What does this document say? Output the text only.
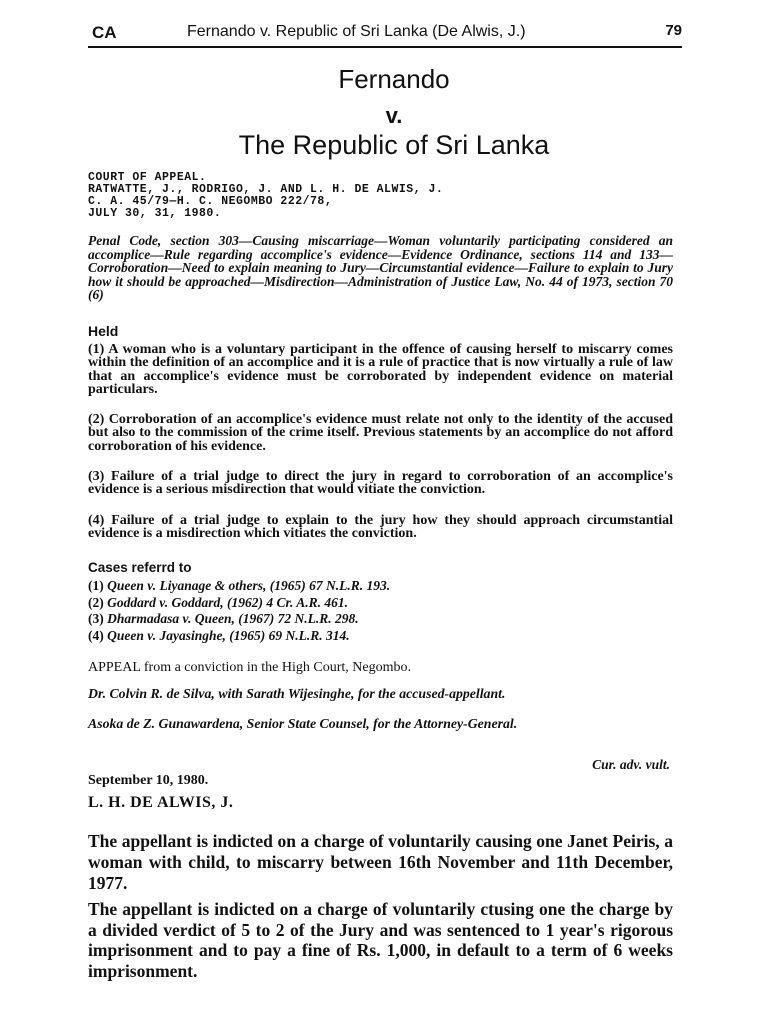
CA	Fernando v. Republic of Sri Lanka (De Alwis, J.)	79
Fernando
v.
The Republic of Sri Lanka
COURT OF APPEAL.
RATWATTE, J., RODRIGO, J. AND L. H. DE ALWIS, J.
C. A. 45/79—H. C. NEGOMBO 222/78,
JULY 30, 31, 1980.
Penal Code, section 303—Causing miscarriage—Woman voluntarily participating considered an accomplice—Rule regarding accomplice's evidence—Evidence Ordinance, sections 114 and 133—Corroboration—Need to explain meaning to Jury—Circumstantial evidence—Failure to explain to Jury how it should be approached—Misdirection—Administration of Justice Law, No. 44 of 1973, section 70 (6)
Held
(1) A woman who is a voluntary participant in the offence of causing herself to miscarry comes within the definition of an accomplice and it is a rule of practice that is now virtually a rule of law that an accomplice's evidence must be corroborated by independent evidence on material particulars.
(2) Corroboration of an accomplice's evidence must relate not only to the identity of the accused but also to the commission of the crime itself. Previous statements by an accomplice do not afford corroboration of his evidence.
(3) Failure of a trial judge to direct the jury in regard to corroboration of an accomplice's evidence is a serious misdirection that would vitiate the conviction.
(4) Failure of a trial judge to explain to the jury how they should approach circumstantial evidence is a misdirection which vitiates the conviction.
Cases referrd to
(1) Queen v. Liyanage & others, (1965) 67 N.L.R. 193.
(2) Goddard v. Goddard, (1962) 4 Cr. A.R. 461.
(3) Dharmadasa v. Queen, (1967) 72 N.L.R. 298.
(4) Queen v. Jayasinghe, (1965) 69 N.L.R. 314.
APPEAL from a conviction in the High Court, Negombo.
Dr. Colvin R. de Silva, with Sarath Wijesinghe, for the accused-appellant.
Asoka de Z. Gunawardena, Senior State Counsel, for the Attorney-General.
Cur. adv. vult.
September 10, 1980.
L. H. DE ALWIS, J.
The appellant is indicted on a charge of voluntarily causing one Janet Peiris, a woman with child, to miscarry between 16th November and 11th December, 1977.
The appellant is indicted on a charge of voluntarily ctusing one the charge by a divided verdict of 5 to 2 of the Jury and was sentenced to 1 year's rigorous imprisonment and to pay a fine of Rs. 1,000, in default to a term of 6 weeks imprisonment.
